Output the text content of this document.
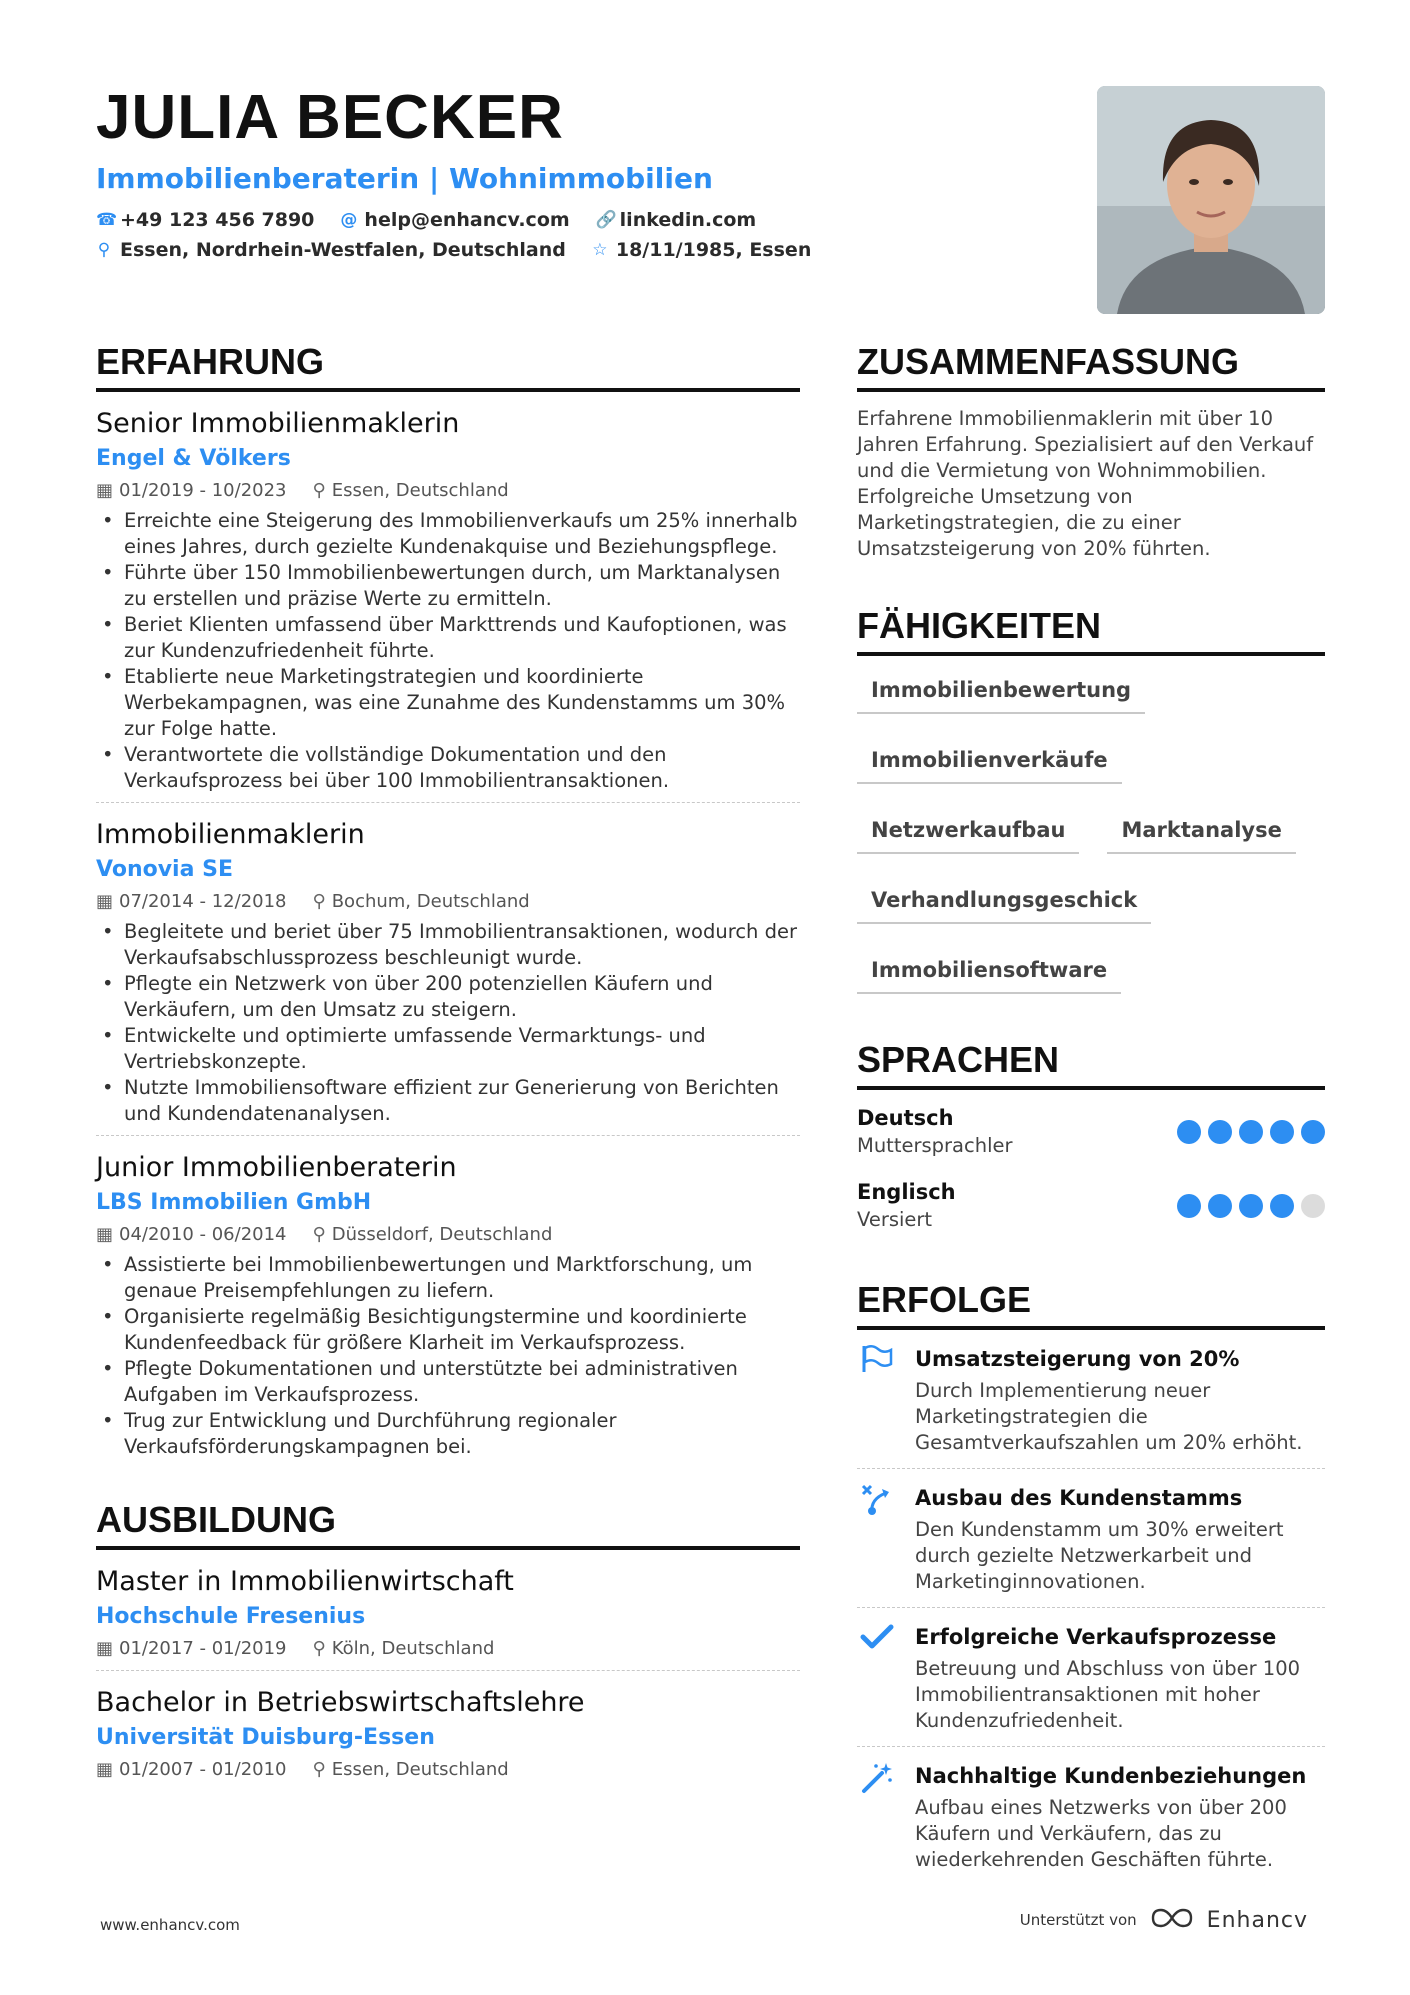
JULIA BECKER
Immobilienberaterin | Wohnimmobilien
☎ +49 123 456 7890 @ help@enhancv.com 🔗 linkedin.com
⚲ Essen, Nordrhein-Westfalen, Deutschland ☆ 18/11/1985, Essen
ERFAHRUNG
Senior Immobilienmaklerin
Engel & Völkers
▦ 01/2019 - 10/2023 ⚲ Essen, Deutschland
• Erreichte eine Steigerung des Immobilienverkaufs um 25% innerhalb eines Jahres, durch gezielte Kundenakquise und Beziehungspflege.
• Führte über 150 Immobilienbewertungen durch, um Marktanalysen zu erstellen und präzise Werte zu ermitteln.
• Beriet Klienten umfassend über Markttrends und Kaufoptionen, was zur Kundenzufriedenheit führte.
• Etablierte neue Marketingstrategien und koordinierte Werbekampagnen, was eine Zunahme des Kundenstamms um 30% zur Folge hatte.
• Verantwortete die vollständige Dokumentation und den Verkaufsprozess bei über 100 Immobilientransaktionen.
Immobilienmaklerin
Vonovia SE
▦ 07/2014 - 12/2018 ⚲ Bochum, Deutschland
• Begleitete und beriet über 75 Immobilientransaktionen, wodurch der Verkaufsabschlussprozess beschleunigt wurde.
• Pflegte ein Netzwerk von über 200 potenziellen Käufern und Verkäufern, um den Umsatz zu steigern.
• Entwickelte und optimierte umfassende Vermarktungs- und Vertriebskonzepte.
• Nutzte Immobiliensoftware effizient zur Generierung von Berichten und Kundendatenanalysen.
Junior Immobilienberaterin
LBS Immobilien GmbH
▦ 04/2010 - 06/2014 ⚲ Düsseldorf, Deutschland
• Assistierte bei Immobilienbewertungen und Marktforschung, um genaue Preisempfehlungen zu liefern.
• Organisierte regelmäßig Besichtigungstermine und koordinierte Kundenfeedback für größere Klarheit im Verkaufsprozess.
• Pflegte Dokumentationen und unterstützte bei administrativen Aufgaben im Verkaufsprozess.
• Trug zur Entwicklung und Durchführung regionaler Verkaufsförderungskampagnen bei.
AUSBILDUNG
Master in Immobilienwirtschaft
Hochschule Fresenius
▦ 01/2017 - 01/2019 ⚲ Köln, Deutschland
Bachelor in Betriebswirtschaftslehre
Universität Duisburg-Essen
▦ 01/2007 - 01/2010 ⚲ Essen, Deutschland
ZUSAMMENFASSUNG
Erfahrene Immobilienmaklerin mit über 10 Jahren Erfahrung. Spezialisiert auf den Verkauf und die Vermietung von Wohnimmobilien. Erfolgreiche Umsetzung von Marketingstrategien, die zu einer Umsatzsteigerung von 20% führten.
FÄHIGKEITEN
Immobilienbewertung
Immobilienverkäufe
Netzwerkaufbau	Marktanalyse
Verhandlungsgeschick
Immobiliensoftware
SPRACHEN
Deutsch
Muttersprachler
Englisch
Versiert
ERFOLGE
Umsatzsteigerung von 20%
Durch Implementierung neuer Marketingstrategien die Gesamtverkaufszahlen um 20% erhöht.
Ausbau des Kundenstamms
Den Kundenstamm um 30% erweitert durch gezielte Netzwerkarbeit und Marketinginnovationen.
Erfolgreiche Verkaufsprozesse
Betreuung und Abschluss von über 100 Immobilientransaktionen mit hoher Kundenzufriedenheit.
Nachhaltige Kundenbeziehungen
Aufbau eines Netzwerks von über 200 Käufern und Verkäufern, das zu wiederkehrenden Geschäften führte.
www.enhancv.com	Unterstützt von	Enhancv
